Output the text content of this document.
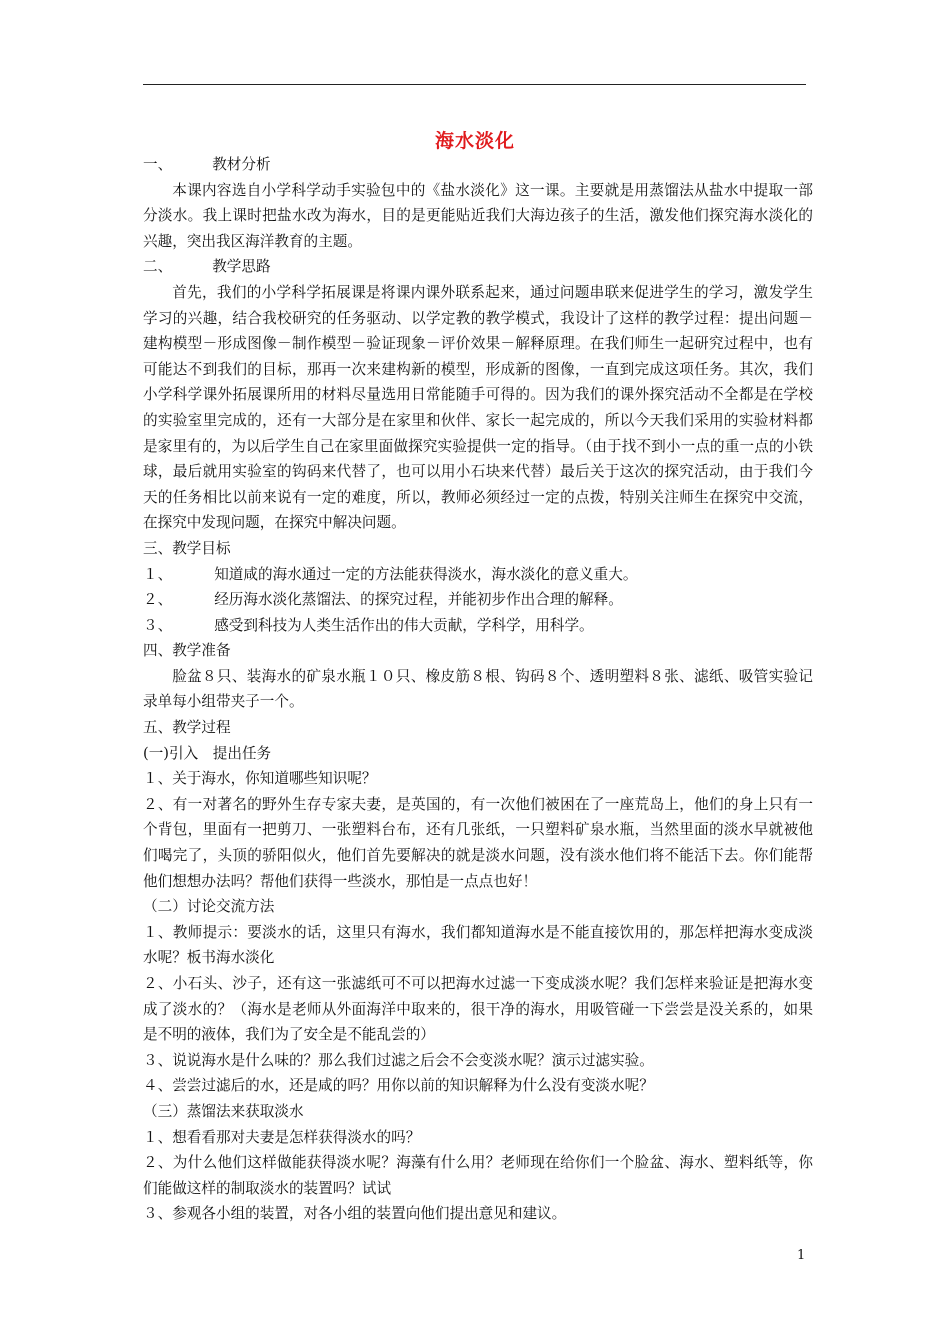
海水淡化

一、	教材分析

本课内容选自小学科学动手实验包中的《盐水淡化》这一课。主要就是用蒸馏法从盐水中提取一部分淡水。我上课时把盐水改为海水，目的是更能贴近我们大海边孩子的生活，激发他们探究海水淡化的兴趣，突出我区海洋教育的主题。

二、	教学思路

首先，我们的小学科学拓展课是将课内课外联系起来，通过问题串联来促进学生的学习，激发学生学习的兴趣，结合我校研究的任务驱动、以学定教的教学模式，我设计了这样的教学过程：提出问题－建构模型－形成图像－制作模型－验证现象－评价效果－解释原理。在我们师生一起研究过程中，也有可能达不到我们的目标，那再一次来建构新的模型，形成新的图像，一直到完成这项任务。其次，我们小学科学课外拓展课所用的材料尽量选用日常能随手可得的。因为我们的课外探究活动不全都是在学校的实验室里完成的，还有一大部分是在家里和伙伴、家长一起完成的，所以今天我们采用的实验材料都是家里有的，为以后学生自己在家里面做探究实验提供一定的指导。（由于找不到小一点的重一点的小铁球，最后就用实验室的钩码来代替了，也可以用小石块来代替）最后关于这次的探究活动，由于我们今天的任务相比以前来说有一定的难度，所以，教师必须经过一定的点拨，特别关注师生在探究中交流，在探究中发现问题，在探究中解决问题。

三、教学目标

１、	知道咸的海水通过一定的方法能获得淡水，海水淡化的意义重大。

２、	经历海水淡化蒸馏法、的探究过程，并能初步作出合理的解释。

３、	感受到科技为人类生活作出的伟大贡献，学科学，用科学。

四、教学准备

脸盆８只、装海水的矿泉水瓶１０只、橡皮筋８根、钩码８个、透明塑料８张、滤纸、吸管实验记录单每小组带夹子一个。

五、教学过程

(一)引入　提出任务

１、关于海水，你知道哪些知识呢？

２、有一对著名的野外生存专家夫妻，是英国的，有一次他们被困在了一座荒岛上，他们的身上只有一个背包，里面有一把剪刀、一张塑料台布，还有几张纸，一只塑料矿泉水瓶，当然里面的淡水早就被他们喝完了，头顶的骄阳似火，他们首先要解决的就是淡水问题，没有淡水他们将不能活下去。你们能帮他们想想办法吗？帮他们获得一些淡水，那怕是一点点也好！

（二）讨论交流方法

１、教师提示：要淡水的话，这里只有海水，我们都知道海水是不能直接饮用的，那怎样把海水变成淡水呢？板书海水淡化

２、小石头、沙子，还有这一张滤纸可不可以把海水过滤一下变成淡水呢？我们怎样来验证是把海水变成了淡水的？（海水是老师从外面海洋中取来的，很干净的海水，用吸管碰一下尝尝是没关系的，如果是不明的液体，我们为了安全是不能乱尝的）

３、说说海水是什么味的？那么我们过滤之后会不会变淡水呢？演示过滤实验。

４、尝尝过滤后的水，还是咸的吗？用你以前的知识解释为什么没有变淡水呢？

（三）蒸馏法来获取淡水

１、想看看那对夫妻是怎样获得淡水的吗？

２、为什么他们这样做能获得淡水呢？海藻有什么用？老师现在给你们一个脸盆、海水、塑料纸等，你们能做这样的制取淡水的装置吗？试试

３、参观各小组的装置，对各小组的装置向他们提出意见和建议。

1
